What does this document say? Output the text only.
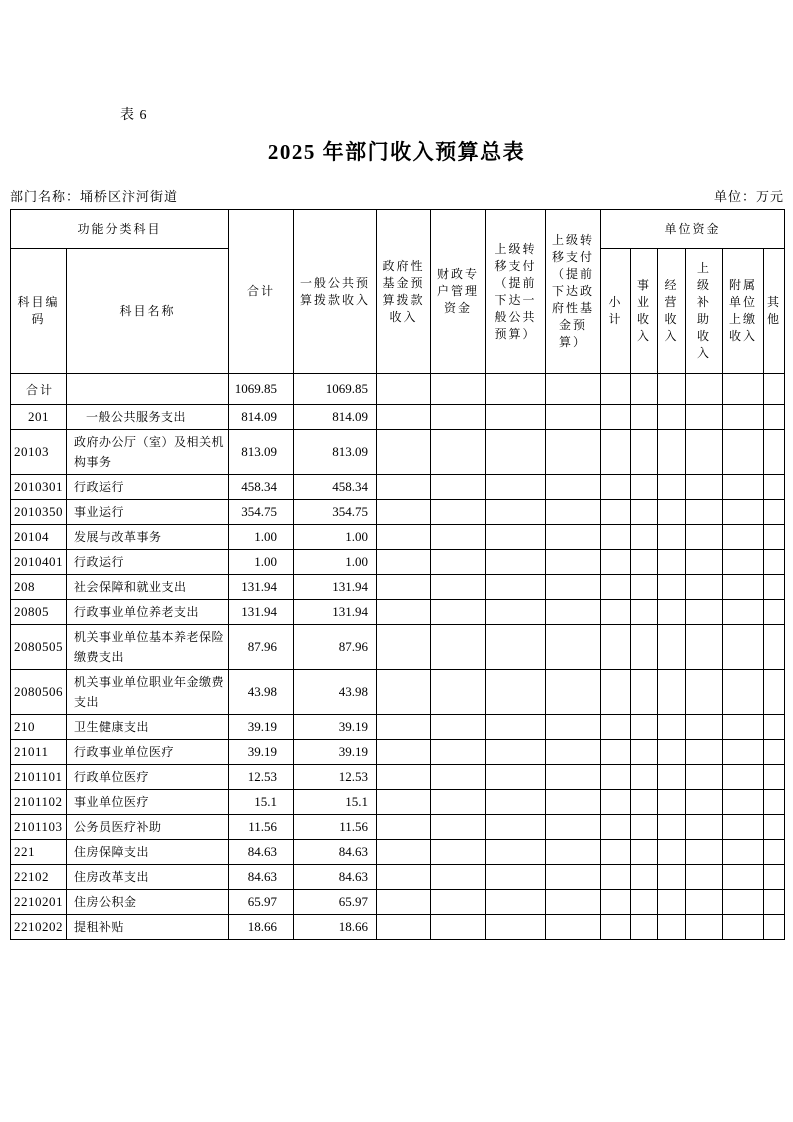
表 6
2025 年部门收入预算总表
部门名称：埇桥区汴河街道	单位：万元
功能分类科目		合计	一般公共预算拨款收入	政府性基金预算拨款收入	财政专户管理资金	上级转移支付（提前下达一般公共预算）	上级转移支付（提前下达政府性基金预算）	单位资金					
科目编码	科目名称							小计	事业收入	经营收入	上级补助收入	附属单位上缴收入	其他
合计		1069.85	1069.85										
201	一般公共服务支出	814.09	814.09										
20103	政府办公厅（室）及相关机构事务	813.09	813.09										
2010301	行政运行	458.34	458.34										
2010350	事业运行	354.75	354.75										
20104	发展与改革事务	1.00	1.00										
2010401	行政运行	1.00	1.00										
208	社会保障和就业支出	131.94	131.94										
20805	行政事业单位养老支出	131.94	131.94										
2080505	机关事业单位基本养老保险缴费支出	87.96	87.96										
2080506	机关事业单位职业年金缴费支出	43.98	43.98										
210	卫生健康支出	39.19	39.19										
21011	行政事业单位医疗	39.19	39.19										
2101101	行政单位医疗	12.53	12.53										
2101102	事业单位医疗	15.1	15.1										
2101103	公务员医疗补助	11.56	11.56										
221	住房保障支出	84.63	84.63										
22102	住房改革支出	84.63	84.63										
2210201	住房公积金	65.97	65.97										
2210202	提租补贴	18.66	18.66										
